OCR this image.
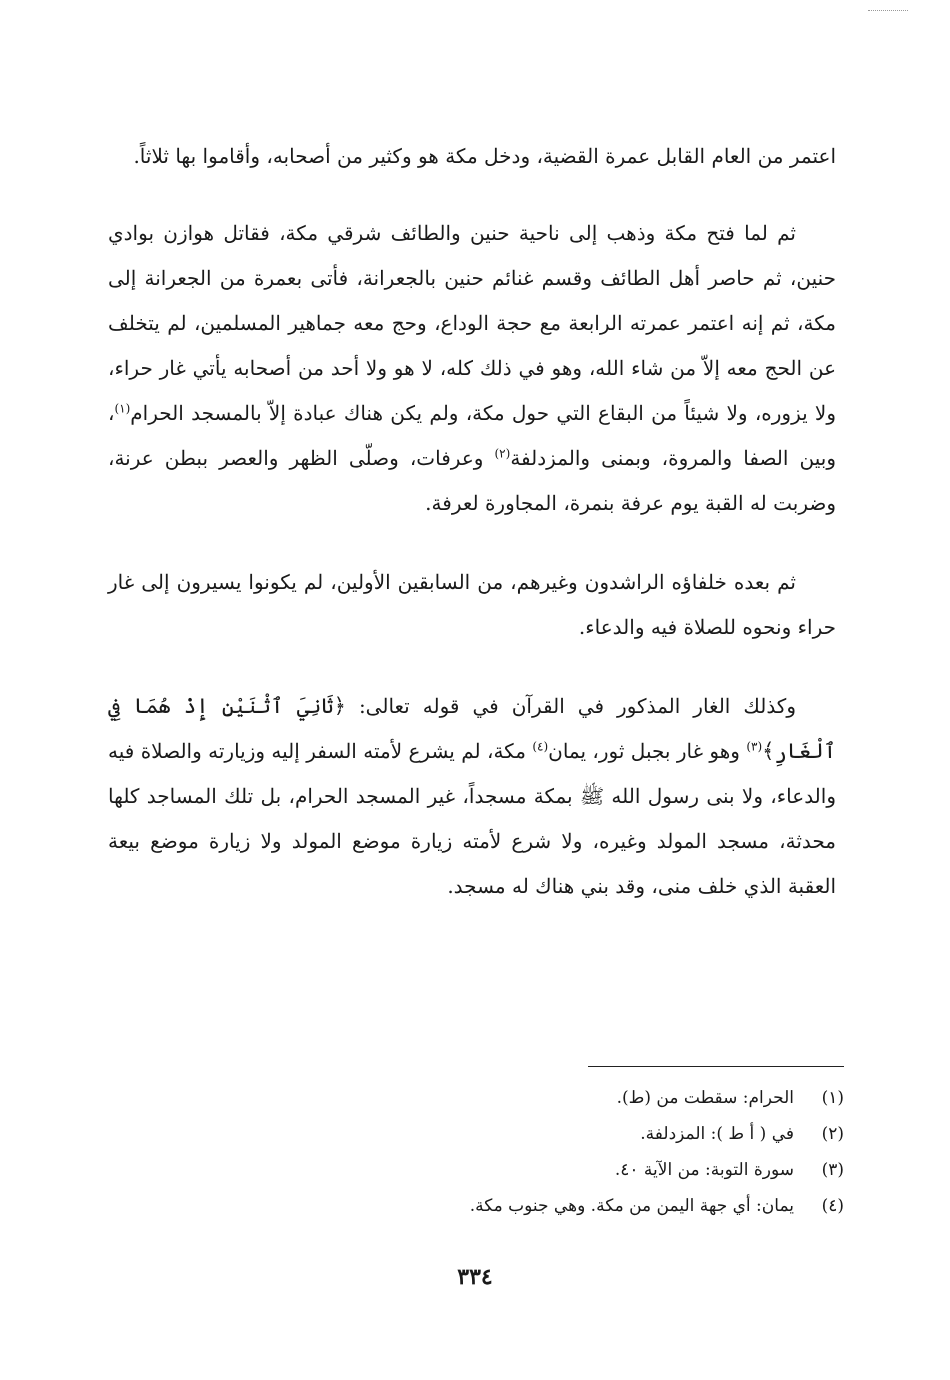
اعتمر من العام القابل عمرة القضية، ودخل مكة هو وكثير من أصحابه، وأقاموا بها ثلاثاً.

ثم لما فتح مكة وذهب إلى ناحية حنين والطائف شرقي مكة، فقاتل هوازن بوادي حنين، ثم حاصر أهل الطائف وقسم غنائم حنين بالجعرانة، فأتى بعمرة من الجعرانة إلى مكة، ثم إنه اعتمر عمرته الرابعة مع حجة الوداع، وحج معه جماهير المسلمين، لم يتخلف عن الحج معه إلاّ من شاء الله، وهو في ذلك كله، لا هو ولا أحد من أصحابه يأتي غار حراء، ولا يزوره، ولا شيئاً من البقاع التي حول مكة، ولم يكن هناك عبادة إلاّ بالمسجد الحرام$^{(١)}$، وبين الصفا والمروة، وبمنى والمزدلفة$^{(٢)}$ وعرفات، وصلّى الظهر والعصر ببطن عرنة، وضربت له القبة يوم عرفة بنمرة، المجاورة لعرفة.

ثم بعده خلفاؤه الراشدون وغيرهم، من السابقين الأولين، لم يكونوا يسيرون إلى غار حراء ونحوه للصلاة فيه والدعاء.

وكذلك الغار المذكور في القرآن في قوله تعالى: ﴿ثَانِيَ ٱثْنَيْنِ إِذْ هُمَا فِي ٱلْغَارِ﴾$^{(٣)}$ وهو غار بجبل ثور، يمان$^{(٤)}$ مكة، لم يشرع لأمته السفر إليه وزيارته والصلاة فيه والدعاء، ولا بنى رسول الله ﷺ بمكة مسجداً، غير المسجد الحرام، بل تلك المساجد كلها محدثة، مسجد المولد وغيره، ولا شرع لأمته زيارة موضع المولد ولا زيارة موضع بيعة العقبة الذي خلف منى، وقد بني هناك له مسجد.

(١)
الحرام: سقطت من (ط).
(٢)
في ( أ ط ): المزدلفة.
(٣)
سورة التوبة: من الآية ٤٠.
(٤)
يمان: أي جهة اليمن من مكة. وهي جنوب مكة.
٣٣٤
